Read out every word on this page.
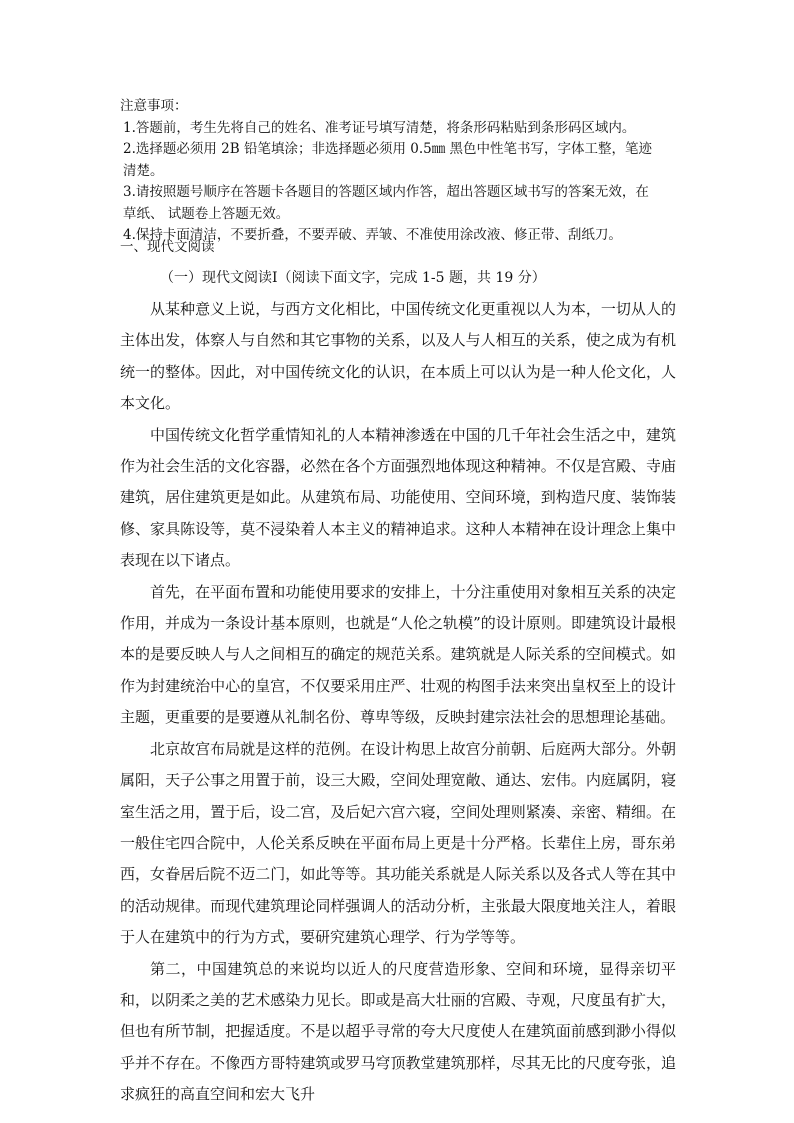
注意事项：
1.答题前，考生先将自己的姓名、准考证号填写清楚，将条形码粘贴到条形码区域内。
2.选择题必须用 2B 铅笔填涂；非选择题必须用 0.5㎜ 黑色中性笔书写，字体工整，笔迹
清楚。
3.请按照题号顺序在答题卡各题目的答题区域内作答，超出答题区域书写的答案无效，在
草纸、 试题卷上答题无效。
4.保持卡面清洁，不要折叠，不要弄破、弄皱、不准使用涂改液、修正带、刮纸刀。
一、现代文阅读
（一）现代文阅读Ⅰ（阅读下面文字，完成 1-5 题，共 19 分）

从某种意义上说，与西方文化相比，中国传统文化更重视以人为本，一切从人的主体出发，体察人与自然和其它事物的关系，以及人与人相互的关系，使之成为有机统一的整体。因此，对中国传统文化的认识，在本质上可以认为是一种人伦文化，人本文化。

中国传统文化哲学重情知礼的人本精神渗透在中国的几千年社会生活之中，建筑作为社会生活的文化容器，必然在各个方面强烈地体现这种精神。不仅是宫殿、寺庙建筑，居住建筑更是如此。从建筑布局、功能使用、空间环境，到构造尺度、装饰装修、家具陈设等，莫不浸染着人本主义的精神追求。这种人本精神在设计理念上集中表现在以下诸点。

首先，在平面布置和功能使用要求的安排上，十分注重使用对象相互关系的决定作用，并成为一条设计基本原则，也就是“人伦之轨模”的设计原则。即建筑设计最根本的是要反映人与人之间相互的确定的规范关系。建筑就是人际关系的空间模式。如作为封建统治中心的皇宫，不仅要采用庄严、壮观的构图手法来突出皇权至上的设计主题，更重要的是要遵从礼制名份、尊卑等级，反映封建宗法社会的思想理论基础。

北京故宫布局就是这样的范例。在设计构思上故宫分前朝、后庭两大部分。外朝属阳，天子公事之用置于前，设三大殿，空间处理宽敞、通达、宏伟。内庭属阴，寝室生活之用，置于后，设二宫，及后妃六宫六寝，空间处理则紧凑、亲密、精细。在一般住宅四合院中，人伦关系反映在平面布局上更是十分严格。长辈住上房，哥东弟西，女眷居后院不迈二门，如此等等。其功能关系就是人际关系以及各式人等在其中的活动规律。而现代建筑理论同样强调人的活动分析，主张最大限度地关注人，着眼于人在建筑中的行为方式，要研究建筑心理学、行为学等等。

第二，中国建筑总的来说均以近人的尺度营造形象、空间和环境，显得亲切平和，以阴柔之美的艺术感染力见长。即或是高大壮丽的宫殿、寺观，尺度虽有扩大，但也有所节制，把握适度。不是以超乎寻常的夸大尺度使人在建筑面前感到渺小得似乎并不存在。不像西方哥特建筑或罗马穹顶教堂建筑那样，尽其无比的尺度夸张，追求疯狂的高直空间和宏大飞升
